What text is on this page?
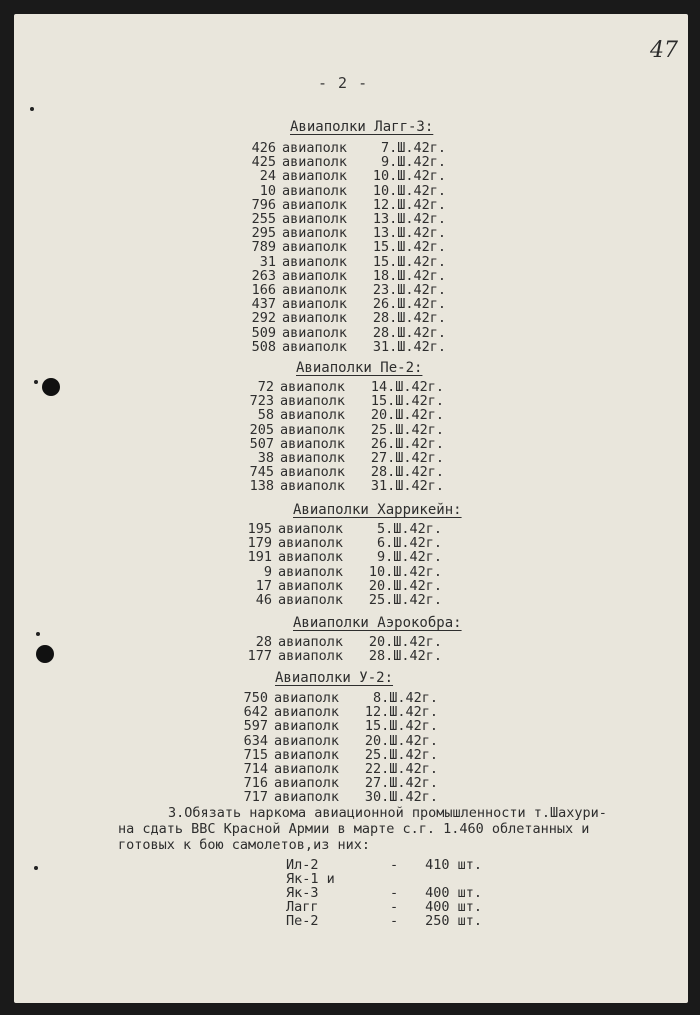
- 2 -
47
Авиаполки Лагг-3:
426 авиаполк	7.Ш.42г.
425 авиаполк	9.Ш.42г.
24 авиаполк	10.Ш.42г.
10 авиаполк	10.Ш.42г.
796 авиаполк	12.Ш.42г.
255 авиаполк	13.Ш.42г.
295 авиаполк	13.Ш.42г.
789 авиаполк	15.Ш.42г.
31 авиаполк	15.Ш.42г.
263 авиаполк	18.Ш.42г.
166 авиаполк	23.Ш.42г.
437 авиаполк	26.Ш.42г.
292 авиаполк	28.Ш.42г.
509 авиаполк	28.Ш.42г.
508 авиаполк	31.Ш.42г.
Авиаполки Пе-2:
72 авиаполк	14.Ш.42г.
723 авиаполк	15.Ш.42г.
58 авиаполк	20.Ш.42г.
205 авиаполк	25.Ш.42г.
507 авиаполк	26.Ш.42г.
38 авиаполк	27.Ш.42г.
745 авиаполк	28.Ш.42г.
138 авиаполк	31.Ш.42г.
Авиаполки Харрикейн:
195 авиаполк	5.Ш.42г.
179 авиаполк	6.Ш.42г.
191 авиаполк	9.Ш.42г.
9 авиаполк	10.Ш.42г.
17 авиаполк	20.Ш.42г.
46 авиаполк	25.Ш.42г.
Авиаполки Аэрокобра:
28 авиаполк	20.Ш.42г.
177 авиаполк	28.Ш.42г.
Авиаполки У-2:
750 авиаполк	8.Ш.42г.
642 авиаполк	12.Ш.42г.
597 авиаполк	15.Ш.42г.
634 авиаполк	20.Ш.42г.
715 авиаполк	25.Ш.42г.
714 авиаполк	22.Ш.42г.
716 авиаполк	27.Ш.42г.
717 авиаполк	30.Ш.42г.
3.Обязать наркома авиационной промышленности т.Шахури-
на сдать ВВС Красной Армии в марте с.г. 1.460 облетанных и
готовых к бою самолетов,из них:
Ил-2	-	410 шт.
Як-1 и
Як-3	-	400 шт.
Лагг	-	400 шт.
Пе-2	-	250 шт.
